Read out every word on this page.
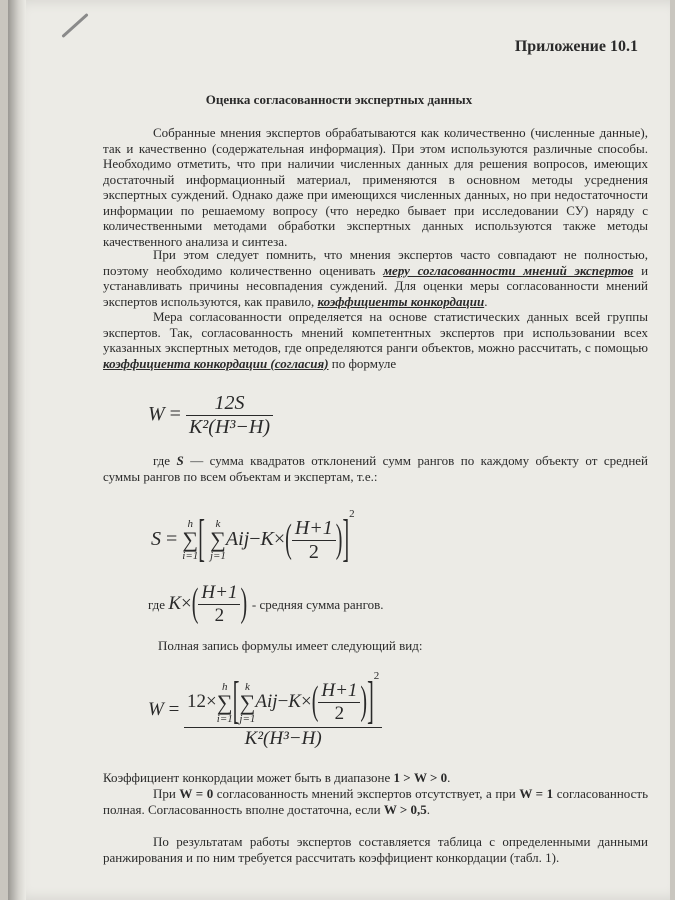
Приложение 10.1
Оценка согласованности экспертных данных
Собранные мнения экспертов обрабатываются как количественно (численные данные), так и качественно (содержательная информация). При этом используются различные способы. Необходимо отметить, что при наличии численных данных для решения вопросов, имеющих достаточный информационный материал, применяются в основном методы усреднения экспертных суждений. Однако даже при имеющихся численных данных, но при недостаточности информации по решаемому вопросу (что нередко бывает при исследовании СУ) наряду с количественными методами обработки экспертных данных используются также методы качественного анализа и синтеза.
При этом следует помнить, что мнения экспертов часто совпадают не полностью, поэтому необходимо количественно оценивать меру согласованности мнений экспертов и устанавливать причины несовпадения суждений. Для оценки меры согласованности мнений экспертов используются, как правило, коэффициенты конкордации.
Мера согласованности определяется на основе статистических данных всей группы экспертов. Так, согласованность мнений компетентных экспертов при использовании всех указанных экспертных методов, где определяются ранги объектов, можно рассчитать, с помощью коэффициента конкордации (согласия) по формуле
$W = \frac{12S}{\text{K²(H³−H)}}$
где S — сумма квадратов отклонений сумм рангов по каждому объекту от средней суммы рангов по всем объектам и экспертам, т.е.:
S =
h
∑
i=1 [ k
∑
j=1
$Aij-K\times( \frac{H+1}{2} )]^2$
где $K\times( \frac{H+1}{2}$ ) - средняя сумма рангов.
Полная запись формулы имеет следующий вид:
W = 12×
h
∑
i=1 [ k
∑
j=1
$Aij-K\times( \frac{H+1}{2} )]^2$
K²(H³−H)
Коэффициент конкордации может быть в диапазоне 1 > W > 0.
При W = 0 согласованность мнений экспертов отсутствует, а при W = 1 согласованность полная. Согласованность вполне достаточна, если W > 0,5.
По результатам работы экспертов составляется таблица с определенными данными ранжирования и по ним требуется рассчитать коэффициент конкордации (табл. 1).
